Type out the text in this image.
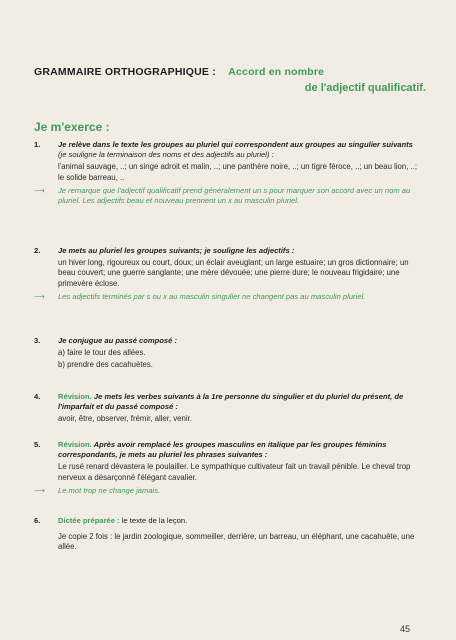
GRAMMAIRE ORTHOGRAPHIQUE : Accord en nombre
de l'adjectif qualificatif.
Je m'exerce :
1. Je relève dans le texte les groupes au pluriel qui correspondent aux groupes au singulier suivants (je souligne la terminaison des noms et des adjectifs au pluriel) :
l'animal sauvage, ..; un singe adroit et malin, ..; une panthère noire, ..; un tigre féroce, ..; un beau lion, ..; le solide barreau, ..
⟶ Je remarque que l'adjectif qualificatif prend généralement un s pour marquer son accord avec un nom au pluriel. Les adjectifs beau et nouveau prennent un x au masculin pluriel.
2. Je mets au pluriel les groupes suivants; je souligne les adjectifs :
un hiver long, rigoureux ou court, doux; un éclair aveuglant; un large estuaire; un gros dictionnaire; un beau couvert; une guerre sanglante; une mère dévouée; une pierre dure; le nouveau frigidaire; une primevère éclose.
⟶ Les adjectifs terminés par s ou x au masculin singulier ne changent pas au masculin pluriel.
3. Je conjugue au passé composé :
a) faire le tour des allées.
b) prendre des cacahuètes.
4. Révision. Je mets les verbes suivants à la 1re personne du singulier et du pluriel du présent, de l'imparfait et du passé composé :
avoir, être, observer, frémir, aller, venir.
5. Révision. Après avoir remplacé les groupes masculins en italique par les groupes féminins correspondants, je mets au pluriel les phrases suivantes :
Le rusé renard dévastera le poulailler. Le sympathique cultivateur fait un travail pénible. Le cheval trop nerveux a désarçonné l'élégant cavalier.
⟶ Le mot trop ne change jamais.
6. Dictée préparée : le texte de la leçon.
Je copie 2 fois : le jardin zoologique, sommeiller, derrière, un barreau, un éléphant, une cacahuète, une allée.
45
